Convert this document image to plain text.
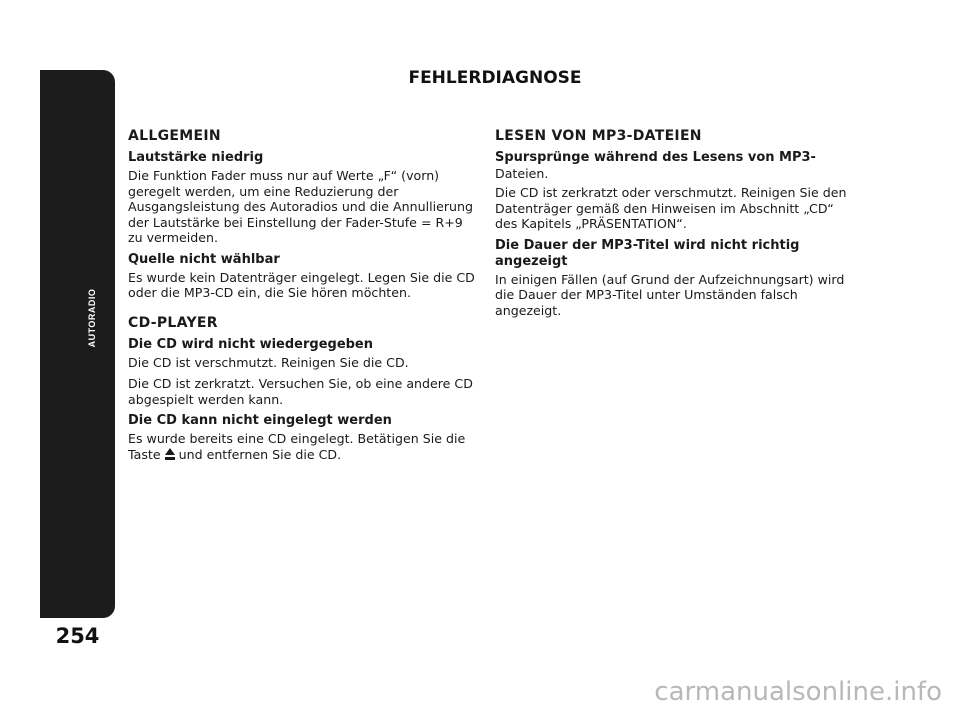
AUTORADIO
254
FEHLERDIAGNOSE
ALLGEMEIN
Lautstärke niedrig

Die Funktion Fader muss nur auf Werte „F“ (vorn) geregelt werden, um eine Reduzierung der Ausgangsleistung des Autoradios und die Annullierung der Lautstärke bei Einstellung der Fader-Stufe = R+9 zu vermeiden.

Quelle nicht wählbar

Es wurde kein Datenträger eingelegt. Legen Sie die CD oder die MP3-CD ein, die Sie hören möchten.

CD-PLAYER
Die CD wird nicht wiedergegeben

Die CD ist verschmutzt. Reinigen Sie die CD.

Die CD ist zerkratzt. Versuchen Sie, ob eine andere CD abgespielt werden kann.

Die CD kann nicht eingelegt werden

Es wurde bereits eine CD eingelegt. Betätigen Sie die Taste und entfernen Sie die CD.

LESEN VON MP3-DATEIEN
Spursprünge während des Lesens von MP3-
Dateien.

Die CD ist zerkratzt oder verschmutzt. Reinigen Sie den Datenträger gemäß den Hinweisen im Abschnitt „CD“ des Kapitels „PRÄSENTATION“.

Die Dauer der MP3-Titel wird nicht richtig angezeigt

In einigen Fällen (auf Grund der Aufzeichnungsart) wird die Dauer der MP3-Titel unter Umständen falsch angezeigt.

carmanualsonline.info
